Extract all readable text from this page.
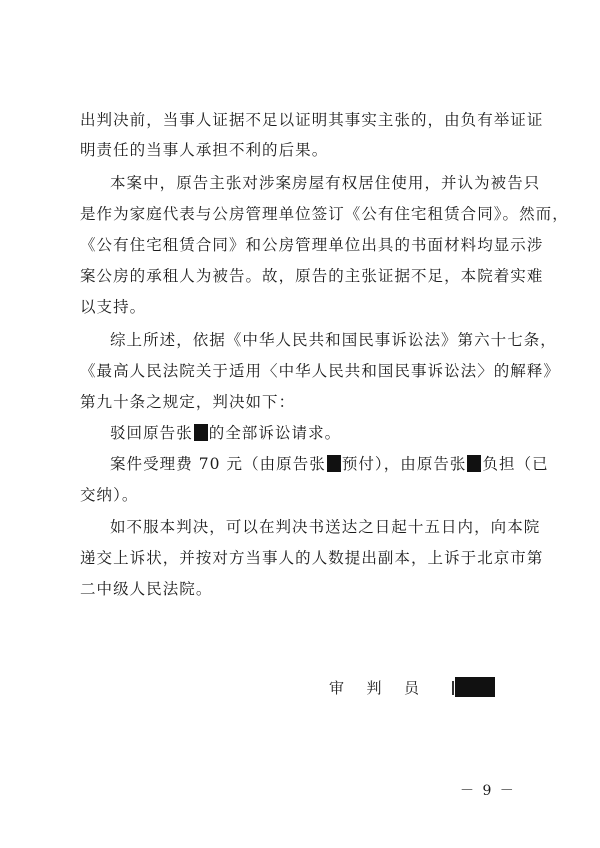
出判决前，当事人证据不足以证明其事实主张的，由负有举证证
明责任的当事人承担不利的后果。
本案中，原告主张对涉案房屋有权居住使用，并认为被告只
是作为家庭代表与公房管理单位签订《公有住宅租赁合同》。然而，
《公有住宅租赁合同》和公房管理单位出具的书面材料均显示涉
案公房的承租人为被告。故，原告的主张证据不足，本院着实难
以支持。
综上所述，依据《中华人民共和国民事诉讼法》第六十七条，
《最高人民法院关于适用〈中华人民共和国民事诉讼法〉的解释》
第九十条之规定，判决如下：
驳回原告张 的全部诉讼请求。
案件受理费 70 元（由原告张 预付），由原告张 负担（已
交纳）。
如不服本判决，可以在判决书送达之日起十五日内，向本院
递交上诉状，并按对方当事人的人数提出副本，上诉于北京市第
二中级人民法院。
审 判 员
－ 9 －
